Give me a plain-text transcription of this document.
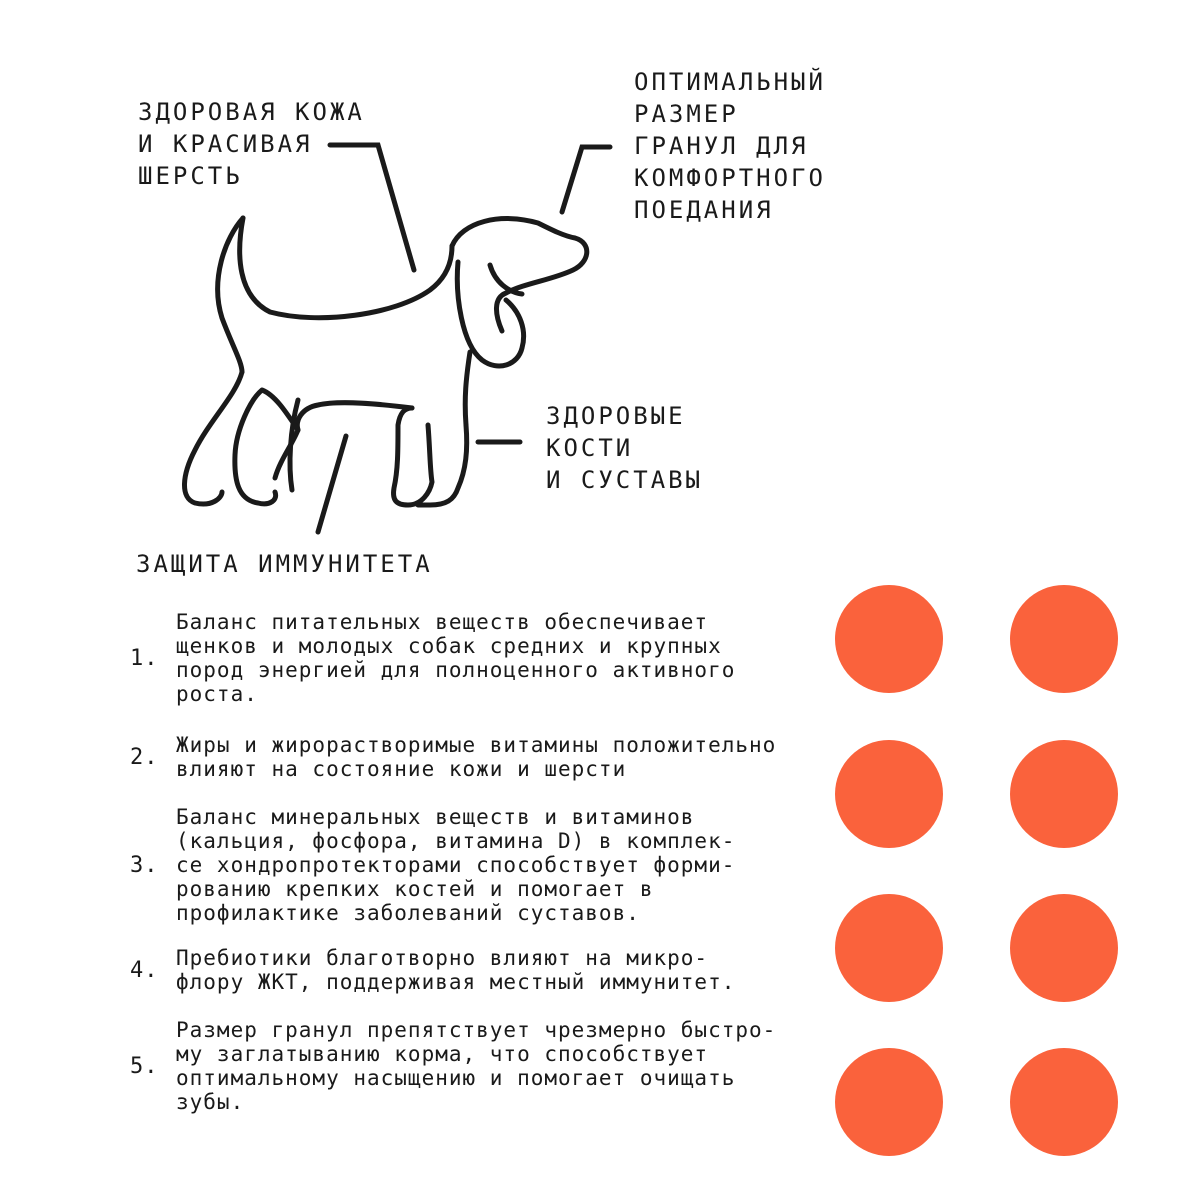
ЗДОРОВАЯ КОЖА
И КРАСИВАЯ
ШЕРСТЬ
ОПТИМАЛЬНЫЙ
РАЗМЕР
ГРАНУЛ ДЛЯ
КОМФОРТНОГО
ПОЕДАНИЯ
ЗДОРОВЫЕ
КОСТИ
И СУСТАВЫ
ЗАЩИТА ИММУНИТЕТА
1.
Баланс питательных веществ обеспечивает
щенков и молодых собак средних и крупных
пород энергией для полноценного активного
роста.
2. Жиры и жирорастворимые витамины положительно
влияют на состояние кожи и шерсти
3.
Баланс минеральных веществ и витаминов
(кальция, фосфора, витамина D) в комплек-
се хондропротекторами способствует форми-
рованию крепких костей и помогает в
профилактике заболеваний суставов.
4. Пребиотики благотворно влияют на микро-
флору ЖКТ, поддерживая местный иммунитет.
5.
Размер гранул препятствует чрезмерно быстро-
му заглатыванию корма, что способствует
оптимальному насыщению и помогает очищать
зубы.
